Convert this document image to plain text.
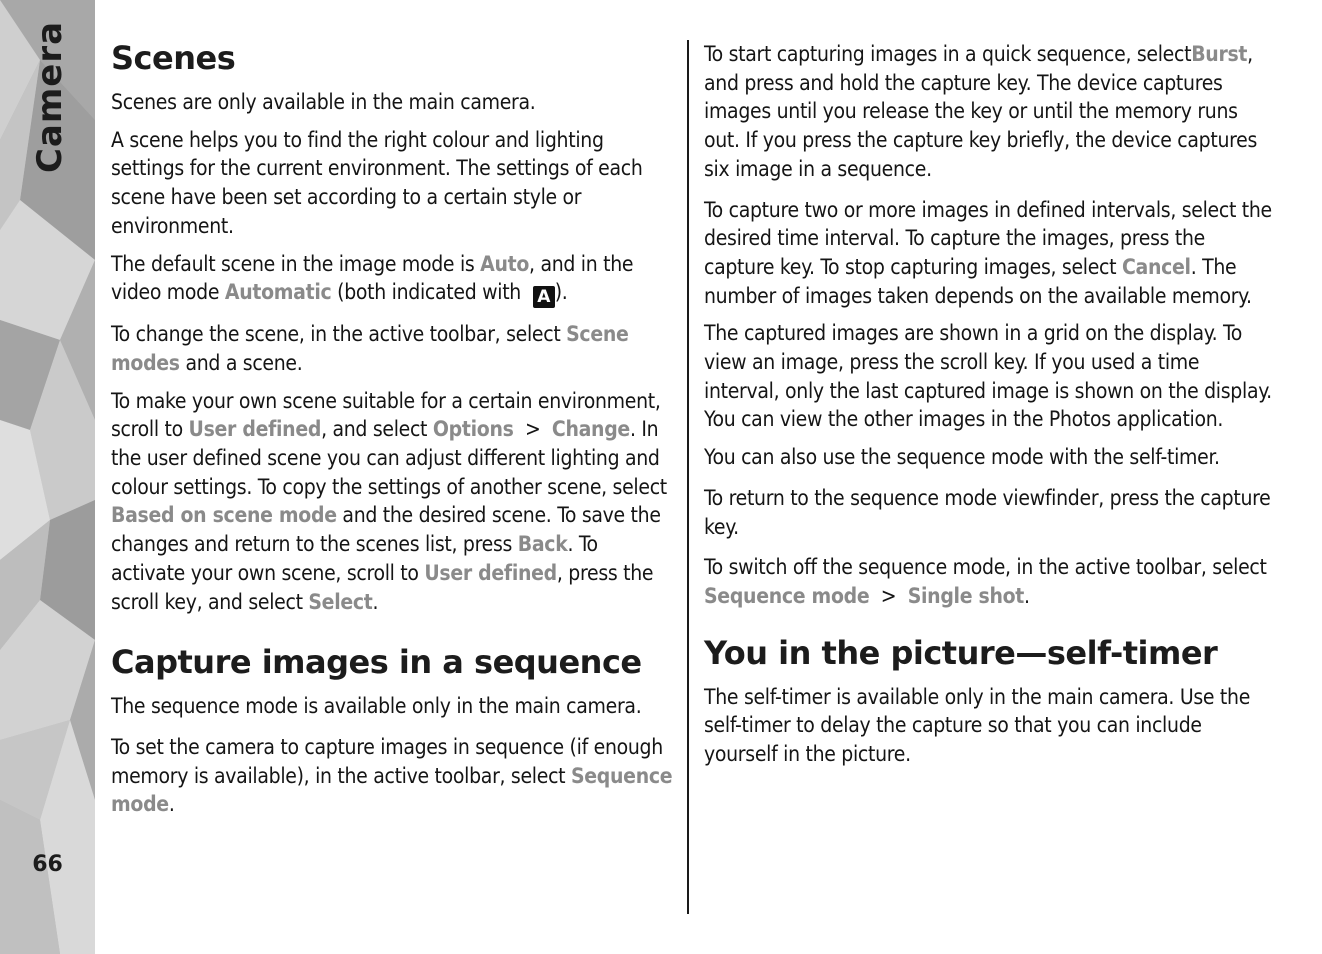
Camera
66
Scenes

Scenes are only available in the main camera.

A scene helps you to find the right colour and lighting settings for the current environment. The settings of each scene have been set according to a certain style or environment.

The default scene in the image mode is Auto, and in the video mode Automatic (both indicated with A ).

To change the scene, in the active toolbar, select Scene modes and a scene.

To make your own scene suitable for a certain environment, scroll to User defined, and select Options  >  Change. In the user defined scene you can adjust different lighting and colour settings. To copy the settings of another scene, select Based on scene mode and the desired scene. To save the changes and return to the scenes list, press Back. To activate your own scene, scroll to User defined, press the scroll key, and select Select.

Capture images in a sequence

The sequence mode is available only in the main camera.

To set the camera to capture images in sequence (if enough memory is available), in the active toolbar, select Sequence mode.

To start capturing images in a quick sequence, selectBurst, and press and hold the capture key. The device captures images until you release the key or until the memory runs out. If you press the capture key briefly, the device captures six image in a sequence.

To capture two or more images in defined intervals, select the desired time interval. To capture the images, press the capture key. To stop capturing images, select Cancel. The number of images taken depends on the available memory.

The captured images are shown in a grid on the display. To view an image, press the scroll key. If you used a time interval, only the last captured image is shown on the display. You can view the other images in the Photos application.

You can also use the sequence mode with the self-timer.

To return to the sequence mode viewfinder, press the capture key.

To switch off the sequence mode, in the active toolbar, select Sequence mode  >  Single shot.

You in the picture—self-timer

The self-timer is available only in the main camera. Use the self-timer to delay the capture so that you can include yourself in the picture.
